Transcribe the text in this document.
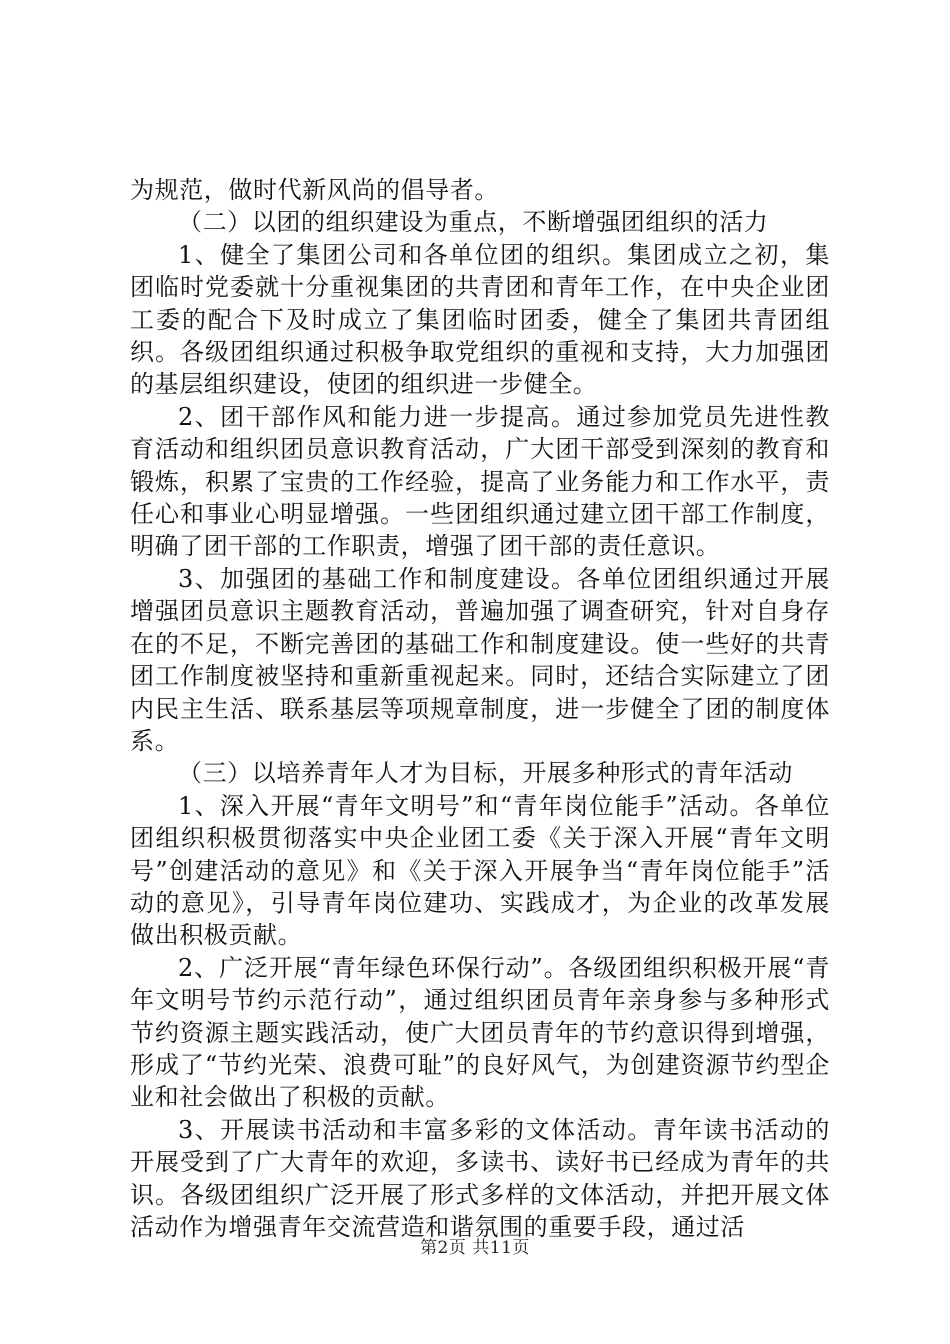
为规范，做时代新风尚的倡导者。

（二）以团的组织建设为重点，不断增强团组织的活力

1、健全了集团公司和各单位团的组织。集团成立之初，集团临时党委就十分重视集团的共青团和青年工作，在中央企业团工委的配合下及时成立了集团临时团委，健全了集团共青团组织。各级团组织通过积极争取党组织的重视和支持，大力加强团的基层组织建设，使团的组织进一步健全。

2、团干部作风和能力进一步提高。通过参加党员先进性教育活动和组织团员意识教育活动，广大团干部受到深刻的教育和锻炼，积累了宝贵的工作经验，提高了业务能力和工作水平，责任心和事业心明显增强。一些团组织通过建立团干部工作制度，明确了团干部的工作职责，增强了团干部的责任意识。

3、加强团的基础工作和制度建设。各单位团组织通过开展增强团员意识主题教育活动，普遍加强了调查研究，针对自身存在的不足，不断完善团的基础工作和制度建设。使一些好的共青团工作制度被坚持和重新重视起来。同时，还结合实际建立了团内民主生活、联系基层等项规章制度，进一步健全了团的制度体系。

（三）以培养青年人才为目标，开展多种形式的青年活动

1、深入开展“青年文明号”和“青年岗位能手”活动。各单位团组织积极贯彻落实中央企业团工委《关于深入开展“青年文明号”创建活动的意见》和《关于深入开展争当“青年岗位能手”活动的意见》，引导青年岗位建功、实践成才，为企业的改革发展做出积极贡献。

2、广泛开展“青年绿色环保行动”。各级团组织积极开展“青年文明号节约示范行动”，通过组织团员青年亲身参与多种形式节约资源主题实践活动，使广大团员青年的节约意识得到增强，形成了“节约光荣、浪费可耻”的良好风气，为创建资源节约型企业和社会做出了积极的贡献。

3、开展读书活动和丰富多彩的文体活动。青年读书活动的开展受到了广大青年的欢迎，多读书、读好书已经成为青年的共识。各级团组织广泛开展了形式多样的文体活动，并把开展文体活动作为增强青年交流营造和谐氛围的重要手段，通过活

第2页 共11页
